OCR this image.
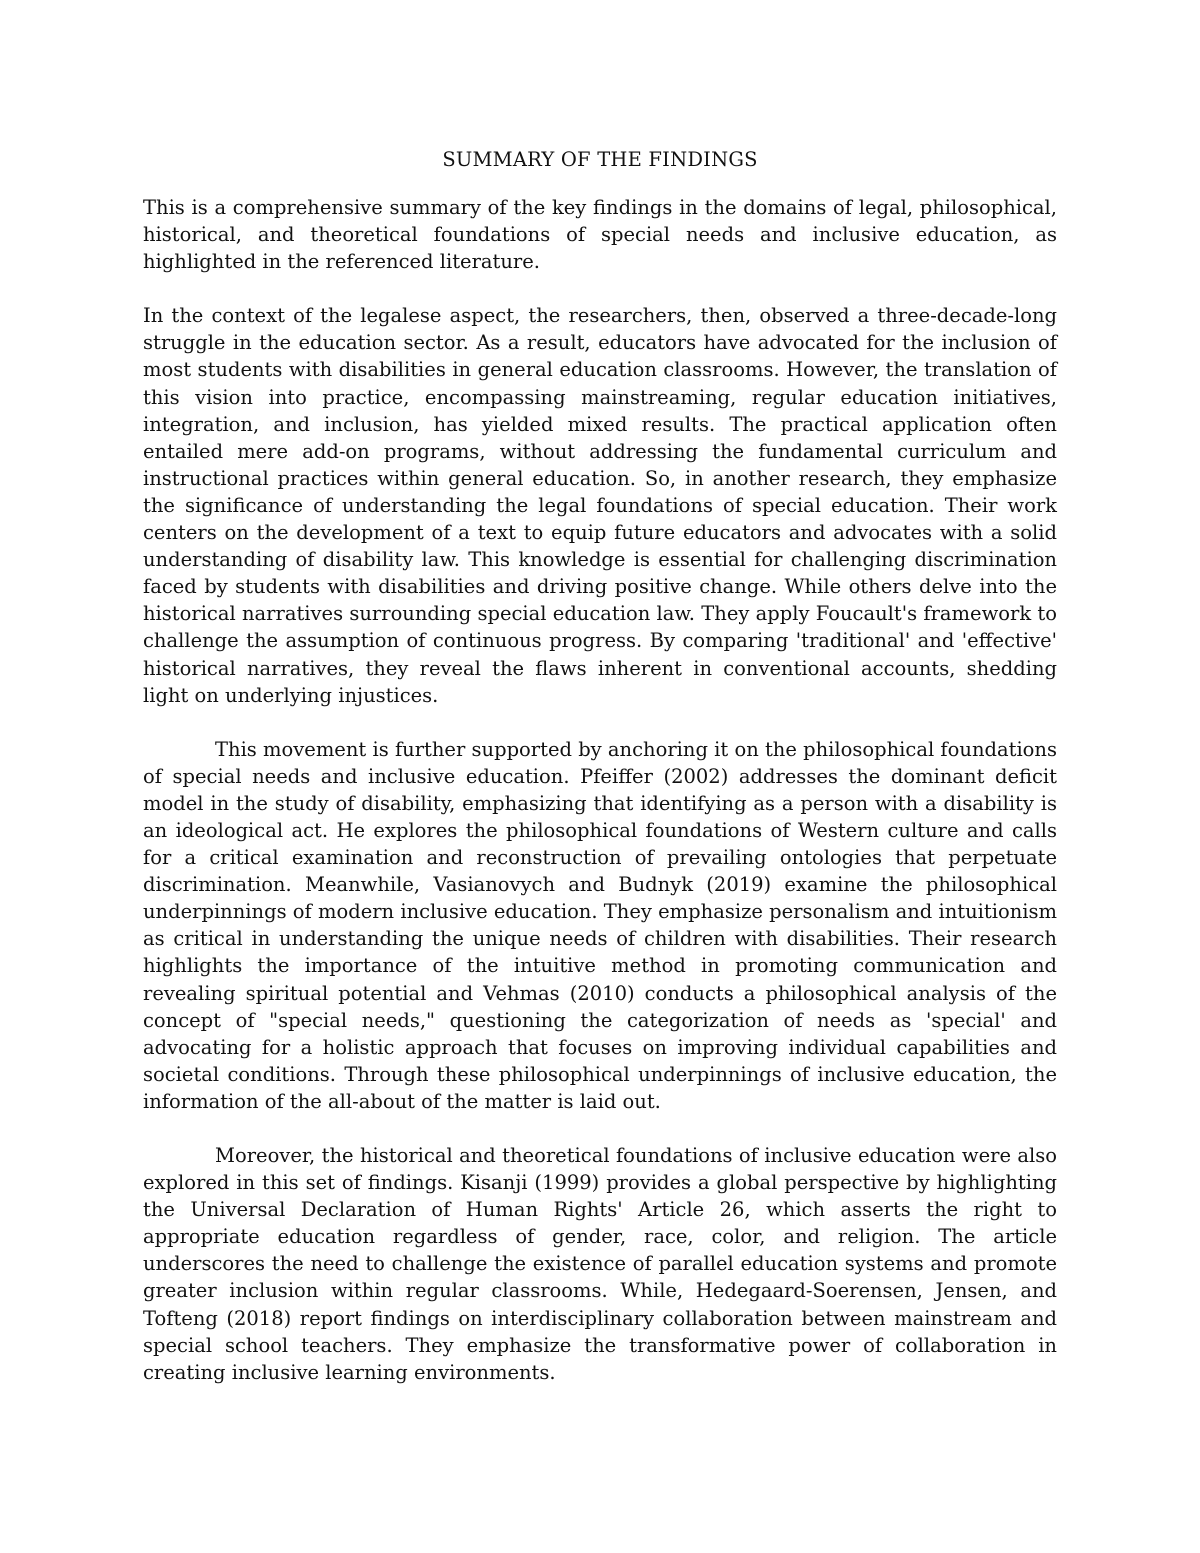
SUMMARY OF THE FINDINGS

This is a comprehensive summary of the key findings in the domains of legal, philosophical, historical, and theoretical foundations of special needs and inclusive education, as highlighted in the referenced literature.

In the context of the legalese aspect, the researchers, then, observed a three-decade-long struggle in the education sector. As a result, educators have advocated for the inclusion of most students with disabilities in general education classrooms. However, the translation of this vision into practice, encompassing mainstreaming, regular education initiatives, integration, and inclusion, has yielded mixed results. The practical application often entailed mere add-on programs, without addressing the fundamental curriculum and instructional practices within general education. So, in another research, they emphasize the significance of understanding the legal foundations of special education. Their work centers on the development of a text to equip future educators and advocates with a solid understanding of disability law. This knowledge is essential for challenging discrimination faced by students with disabilities and driving positive change. While others delve into the historical narratives surrounding special education law. They apply Foucault's framework to challenge the assumption of continuous progress. By comparing 'traditional' and 'effective' historical narratives, they reveal the flaws inherent in conventional accounts, shedding light on underlying injustices.

This movement is further supported by anchoring it on the philosophical foundations of special needs and inclusive education. Pfeiffer (2002) addresses the dominant deficit model in the study of disability, emphasizing that identifying as a person with a disability is an ideological act. He explores the philosophical foundations of Western culture and calls for a critical examination and reconstruction of prevailing ontologies that perpetuate discrimination. Meanwhile, Vasianovych and Budnyk (2019) examine the philosophical underpinnings of modern inclusive education. They emphasize personalism and intuitionism as critical in understanding the unique needs of children with disabilities. Their research highlights the importance of the intuitive method in promoting communication and revealing spiritual potential and Vehmas (2010) conducts a philosophical analysis of the concept of "special needs," questioning the categorization of needs as 'special' and advocating for a holistic approach that focuses on improving individual capabilities and societal conditions. Through these philosophical underpinnings of inclusive education, the information of the all-about of the matter is laid out.

Moreover, the historical and theoretical foundations of inclusive education were also explored in this set of findings. Kisanji (1999) provides a global perspective by highlighting the Universal Declaration of Human Rights' Article 26, which asserts the right to appropriate education regardless of gender, race, color, and religion. The article underscores the need to challenge the existence of parallel education systems and promote greater inclusion within regular classrooms. While, Hedegaard-Soerensen, Jensen, and Tofteng (2018) report findings on interdisciplinary collaboration between mainstream and special school teachers. They emphasize the transformative power of collaboration in creating inclusive learning environments.
